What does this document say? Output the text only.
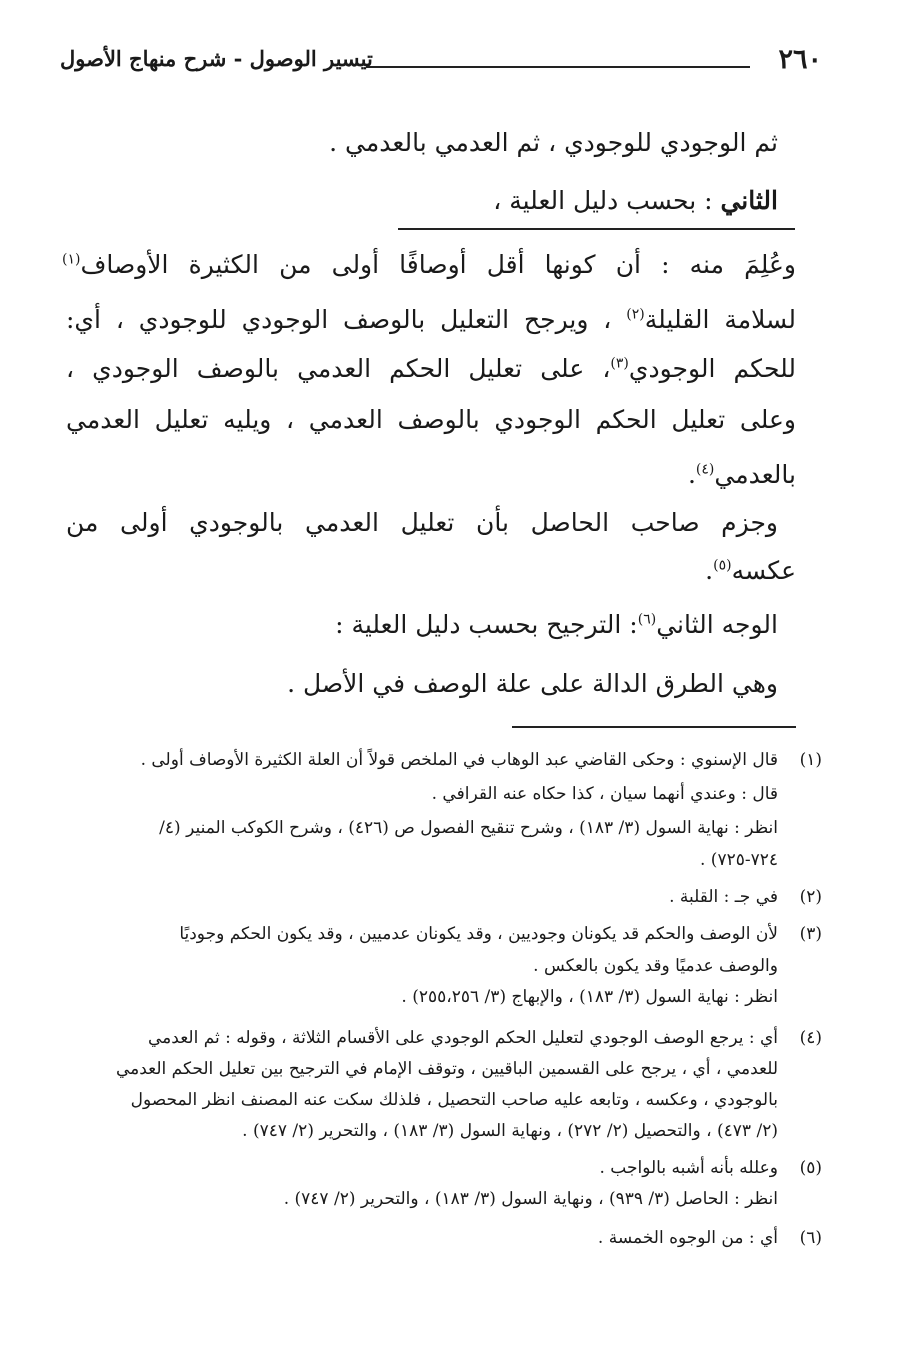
٢٦٠
تيسير الوصول - شرح منهاج الأصول
ثم الوجودي للوجودي ، ثم العدمي بالعدمي .
الثاني : بحسب دليل العلية ،
وعُلِمَ منه : أن كونها أقل أوصافًا أولى من الكثيرة الأوصاف$^{(١)}$
لسلامة القليلة$^{(٢)}$ ، ويرجح التعليل بالوصف الوجودي للوجودي ، أي:
للحكم الوجودي$^{(٣)}$، على تعليل الحكم العدمي بالوصف الوجودي ،
وعلى تعليل الحكم الوجودي بالوصف العدمي ، ويليه تعليل العدمي
بالعدمي$^{(٤)}$.
وجزم صاحب الحاصل بأن تعليل العدمي بالوجودي أولى من
عكسه$^{(٥)}$.
الوجه الثاني$^{(٦)}$: الترجيح بحسب دليل العلية :
وهي الطرق الدالة على علة الوصف في الأصل .
(١)قال الإسنوي : وحكى القاضي عبد الوهاب في الملخص قولاً أن العلة الكثيرة الأوصاف أولى .
قال : وعندي أنهما سيان ، كذا حكاه عنه القرافي .
انظر : نهاية السول (٣/ ١٨٣) ، وشرح تنقيح الفصول ص (٤٢٦) ، وشرح الكوكب المنير (٤/
٧٢٤-٧٢٥) .
(٢)في جـ : القلبة .
(٣)لأن الوصف والحكم قد يكونان وجوديين ، وقد يكونان عدميين ، وقد يكون الحكم وجوديًا
والوصف عدميًا وقد يكون بالعكس .
انظر : نهاية السول (٣/ ١٨٣) ، والإبهاج (٣/ ٢٥٥،٢٥٦) .
(٤)أي : يرجع الوصف الوجودي لتعليل الحكم الوجودي على الأقسام الثلاثة ، وقوله : ثم العدمي
للعدمي ، أي ، يرجح على القسمين الباقيين ، وتوقف الإمام في الترجيح بين تعليل الحكم العدمي
بالوجودي ، وعكسه ، وتابعه عليه صاحب التحصيل ، فلذلك سكت عنه المصنف انظر المحصول
(٢/ ٤٧٣) ، والتحصيل (٢/ ٢٧٢) ، ونهاية السول (٣/ ١٨٣) ، والتحرير (٢/ ٧٤٧) .
(٥)وعلله بأنه أشبه بالواجب .
انظر : الحاصل (٣/ ٩٣٩) ، ونهاية السول (٣/ ١٨٣) ، والتحرير (٢/ ٧٤٧) .
(٦)أي : من الوجوه الخمسة .
